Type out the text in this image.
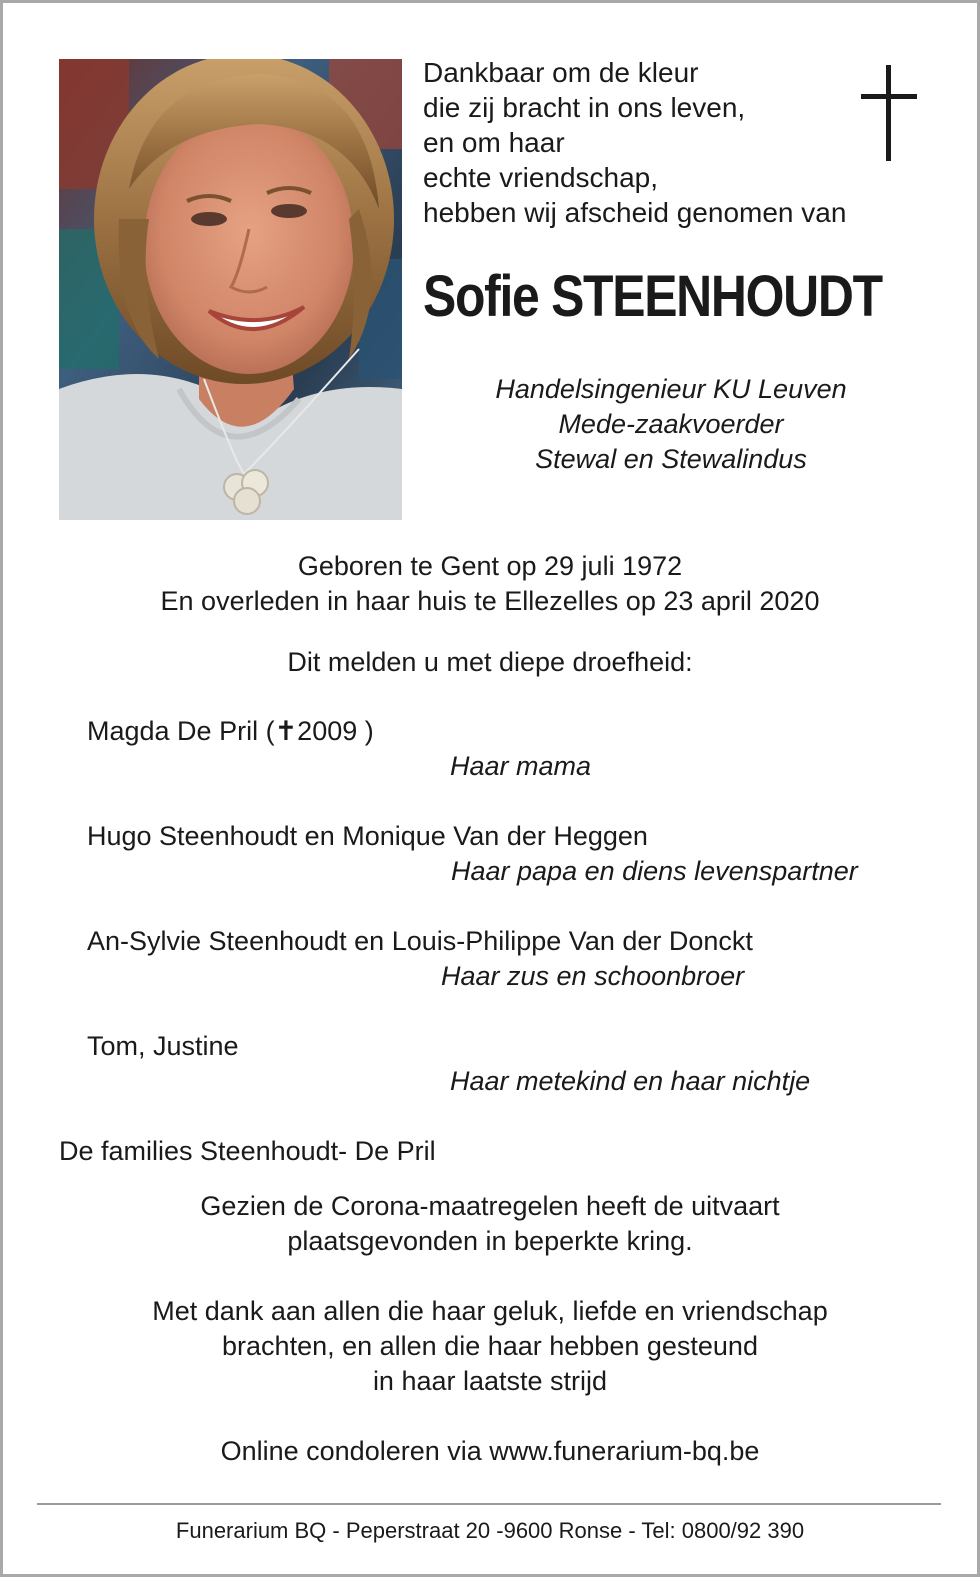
Dankbaar om de kleur
die zij bracht in ons leven,
en om haar
echte vriendschap,
hebben wij afscheid genomen van
Sofie STEENHOUDT
Handelsingenieur KU Leuven
Mede-zaakvoerder
Stewal en Stewalindus
Geboren te Gent op 29 juli 1972
En overleden in haar huis te Ellezelles op 23 april 2020
Dit melden u met diepe droefheid:
Magda De Pril (✝2009 )
Haar mama
Hugo Steenhoudt en Monique Van der Heggen
Haar papa en diens levenspartner
An-Sylvie Steenhoudt en Louis-Philippe Van der Donckt
Haar zus en schoonbroer
Tom, Justine
Haar metekind en haar nichtje
De families Steenhoudt- De Pril
Gezien de Corona-maatregelen heeft de uitvaart
plaatsgevonden in beperkte kring.
Met dank aan allen die haar geluk, liefde en vriendschap
brachten, en allen die haar hebben gesteund
in haar laatste strijd
Online condoleren via www.funerarium-bq.be
Funerarium BQ - Peperstraat 20 -9600 Ronse - Tel: 0800/92 390
